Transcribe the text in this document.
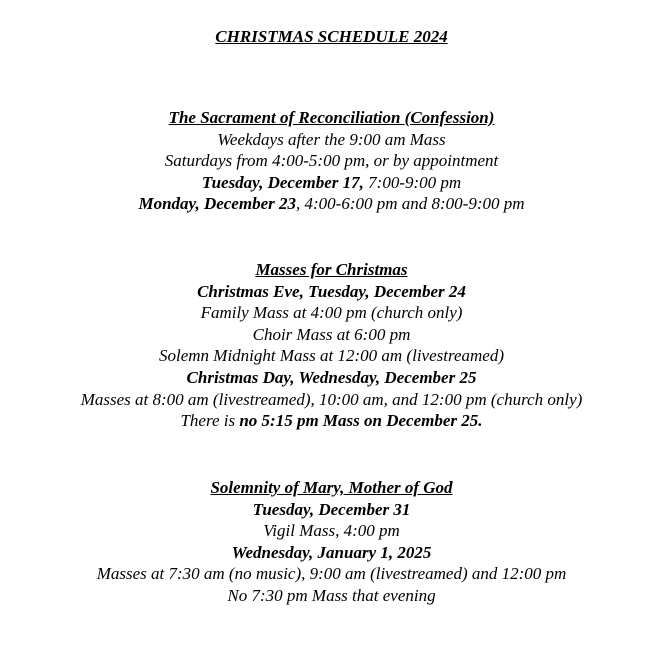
CHRISTMAS SCHEDULE 2024
The Sacrament of Reconciliation (Confession)
Weekdays after the 9:00 am Mass
Saturdays from 4:00-5:00 pm, or by appointment
Tuesday, December 17, 7:00-9:00 pm
Monday, December 23, 4:00-6:00 pm and 8:00-9:00 pm
Masses for Christmas
Christmas Eve, Tuesday, December 24
Family Mass at 4:00 pm (church only)
Choir Mass at 6:00 pm
Solemn Midnight Mass at 12:00 am (livestreamed)
Christmas Day, Wednesday, December 25
Masses at 8:00 am (livestreamed), 10:00 am, and 12:00 pm (church only)
There is no 5:15 pm Mass on December 25.
Solemnity of Mary, Mother of God
Tuesday, December 31
Vigil Mass, 4:00 pm
Wednesday, January 1, 2025
Masses at 7:30 am (no music), 9:00 am (livestreamed) and 12:00 pm
No 7:30 pm Mass that evening
